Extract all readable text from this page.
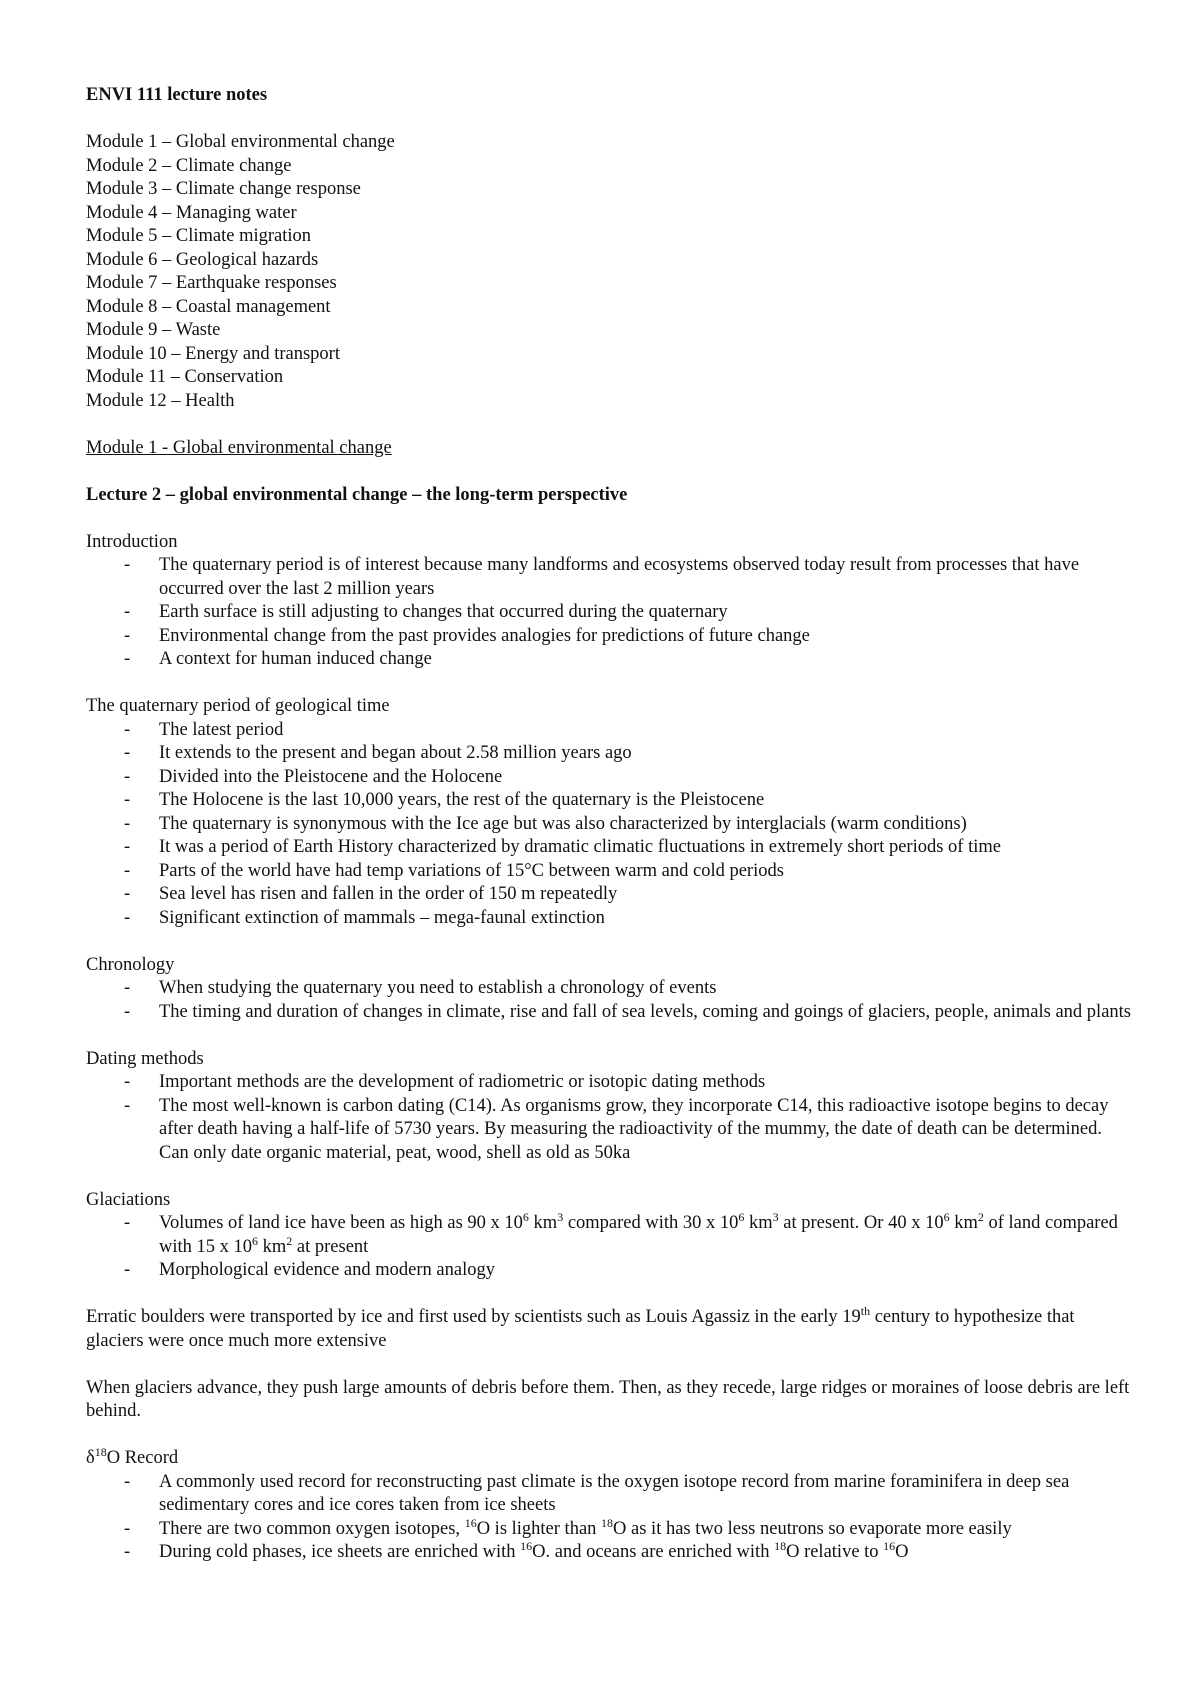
ENVI 111 lecture notes

Module 1 – Global environmental change

Module 2 – Climate change

Module 3 – Climate change response

Module 4 – Managing water

Module 5 – Climate migration

Module 6 – Geological hazards

Module 7 – Earthquake responses

Module 8 – Coastal management

Module 9 – Waste

Module 10 – Energy and transport

Module 11 – Conservation

Module 12 – Health

Module 1 - Global environmental change

Lecture 2 – global environmental change – the long-term perspective

Introduction

- The quaternary period is of interest because many landforms and ecosystems observed today result from processes that have occurred over the last 2 million years
- Earth surface is still adjusting to changes that occurred during the quaternary
- Environmental change from the past provides analogies for predictions of future change
- A context for human induced change

The quaternary period of geological time

- The latest period
- It extends to the present and began about 2.58 million years ago
- Divided into the Pleistocene and the Holocene
- The Holocene is the last 10,000 years, the rest of the quaternary is the Pleistocene
- The quaternary is synonymous with the Ice age but was also characterized by interglacials (warm conditions)
- It was a period of Earth History characterized by dramatic climatic fluctuations in extremely short periods of time
- Parts of the world have had temp variations of 15°C between warm and cold periods
- Sea level has risen and fallen in the order of 150 m repeatedly
- Significant extinction of mammals – mega-faunal extinction

Chronology

- When studying the quaternary you need to establish a chronology of events
- The timing and duration of changes in climate, rise and fall of sea levels, coming and goings of glaciers, people, animals and plants

Dating methods

- Important methods are the development of radiometric or isotopic dating methods
- The most well-known is carbon dating (C14). As organisms grow, they incorporate C14, this radioactive isotope begins to decay after death having a half-life of 5730 years. By measuring the radioactivity of the mummy, the date of death can be determined. Can only date organic material, peat, wood, shell as old as 50ka

Glaciations

- Volumes of land ice have been as high as 90 x $10^6$ $km^3$ compared with 30 x $10^6$ $km^3$ at present. Or 40 x $10^6$ $km^2$ of land compared with 15 x $10^6$ $km^2$ at present
- Morphological evidence and modern analogy

Erratic boulders were transported by ice and first used by scientists such as Louis Agassiz in the early 19th century to hypothesize that glaciers were once much more extensive

When glaciers advance, they push large amounts of debris before them. Then, as they recede, large ridges or moraines of loose debris are left behind.

$\delta^{18}O$ Record

- A commonly used record for reconstructing past climate is the oxygen isotope record from marine foraminifera in deep sea sedimentary cores and ice cores taken from ice sheets
- There are two common oxygen isotopes, $^{16}$O is lighter than $^{18}$O as it has two less neutrons so evaporate more easily
- During cold phases, ice sheets are enriched with $^{16}$O. and oceans are enriched with $^{18}$O relative to $^{16}$O
